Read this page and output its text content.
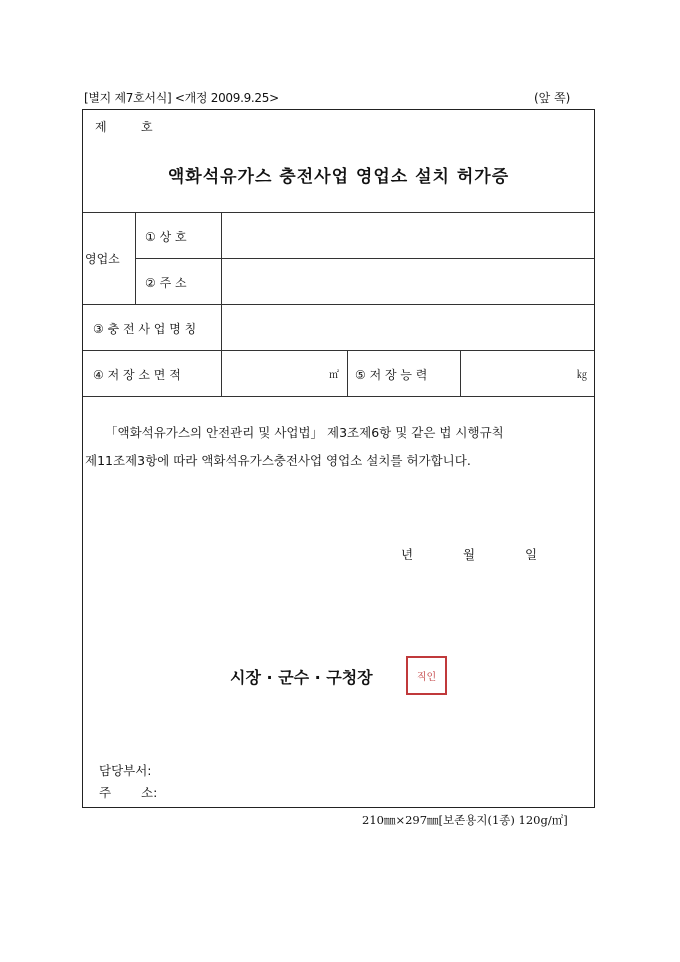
[별지 제7호서식] <개정 2009.9.25>	(앞 쪽)
제	호
액화석유가스 충전사업 영업소 설치 허가증
영업소
① 상 호
② 주 소
③ 충 전 사 업 명 칭
④ 저 장 소 면 적	㎡ ⑤ 저 장 능 력	㎏
「액화석유가스의 안전관리 및 사업법」 제3조제6항 및 같은 법 시행규칙
제11조제3항에 따라 액화석유가스충전사업 영업소 설치를 허가합니다.
년	월	일
시장 · 군수 · 구청장	직인
담당부서:
주 소:
210㎜×297㎜[보존용지(1종) 120g/㎡]
